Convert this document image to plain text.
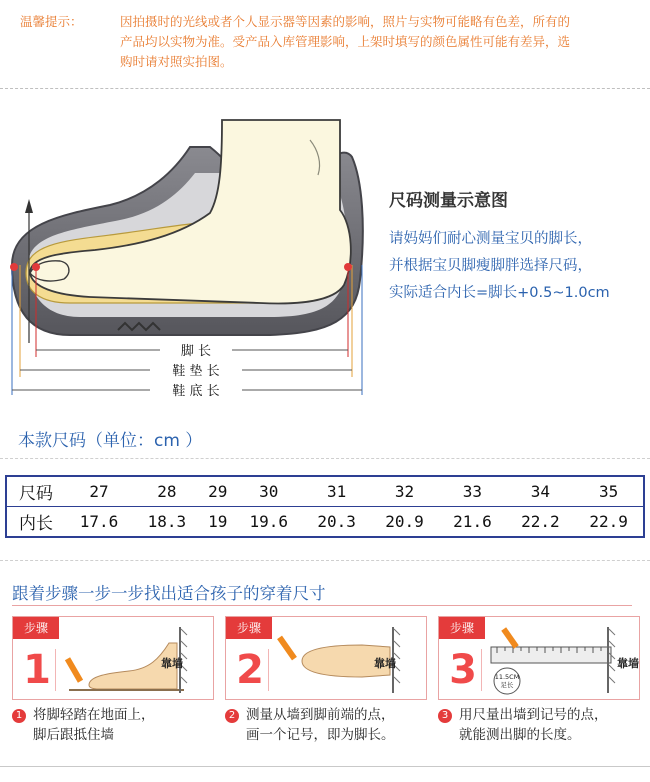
温馨提示：	因拍摄时的光线或者个人显示器等因素的影响，照片与实物可能略有色差，所有的
产品均以实物为准。受产品入库管理影响，上架时填写的颜色属性可能有差异，选
购时请对照实拍图。
脚 长
鞋 垫 长
鞋 底 长
尺码测量示意图
请妈妈们耐心测量宝贝的脚长，
并根据宝贝脚瘦脚胖选择尺码，
实际适合内长=脚长+0.5~1.0cm
本款尺码（单位：cm ）
尺码	27	28	29	30	31	32	33	34	35
内长	17.6	18.3	19	19.6	20.3	20.9	21.6	22.2	22.9
跟着步骤一步一步找出适合孩子的穿着尺寸
步骤
1	靠墙
步骤
2	靠墙
步骤
3	11.5CM
足长
靠墙
1 将脚轻踏在地面上，
脚后跟抵住墙
2 测量从墙到脚前端的点，
画一个记号，即为脚长。
3 用尺量出墙到记号的点，
就能测出脚的长度。
